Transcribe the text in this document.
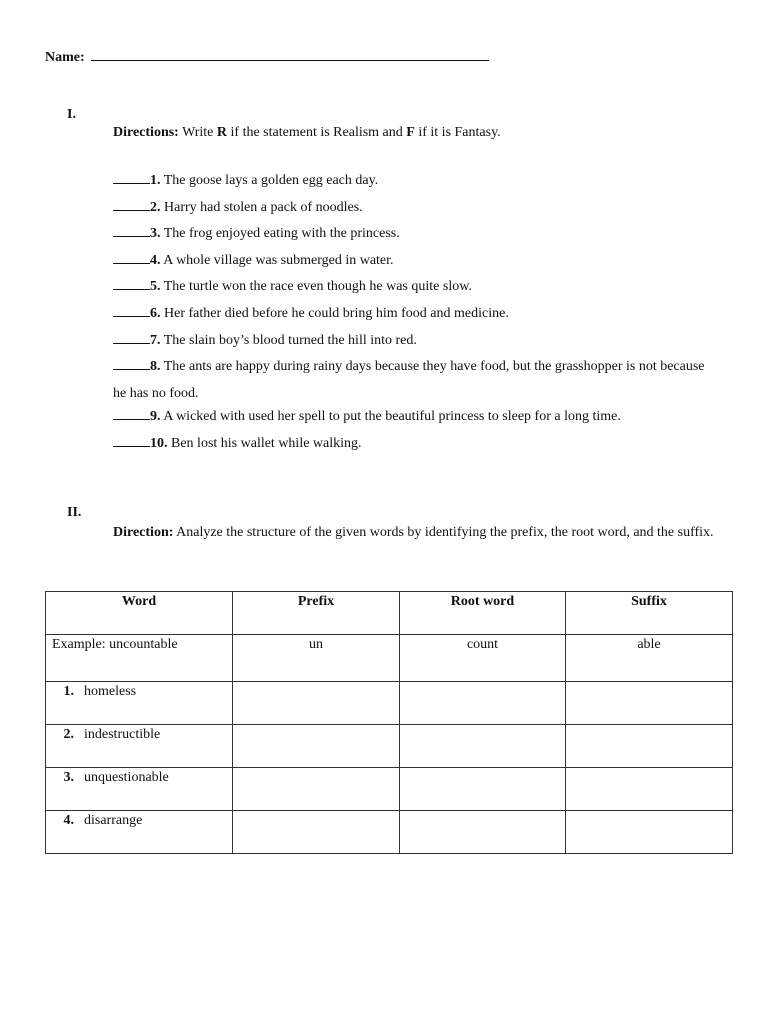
Name:
I.
Directions: Write R if the statement is Realism and F if it is Fantasy.
1. The goose lays a golden egg each day.
2. Harry had stolen a pack of noodles.
3. The frog enjoyed eating with the princess.
4. A whole village was submerged in water.
5. The turtle won the race even though he was quite slow.
6. Her father died before he could bring him food and medicine.
7. The slain boy’s blood turned the hill into red.
8. The ants are happy during rainy days because they have food, but the grasshopper is not because he has no food.
9. A wicked with used her spell to put the beautiful princess to sleep for a long time.
10. Ben lost his wallet while walking.
II.
Direction: Analyze the structure of the given words by identifying the prefix, the root word, and the suffix.
Word	Prefix	Root word	Suffix
Example: uncountable	un	count	able
1. homeless			
2. indestructible			
3. unquestionable			
4. disarrange			
